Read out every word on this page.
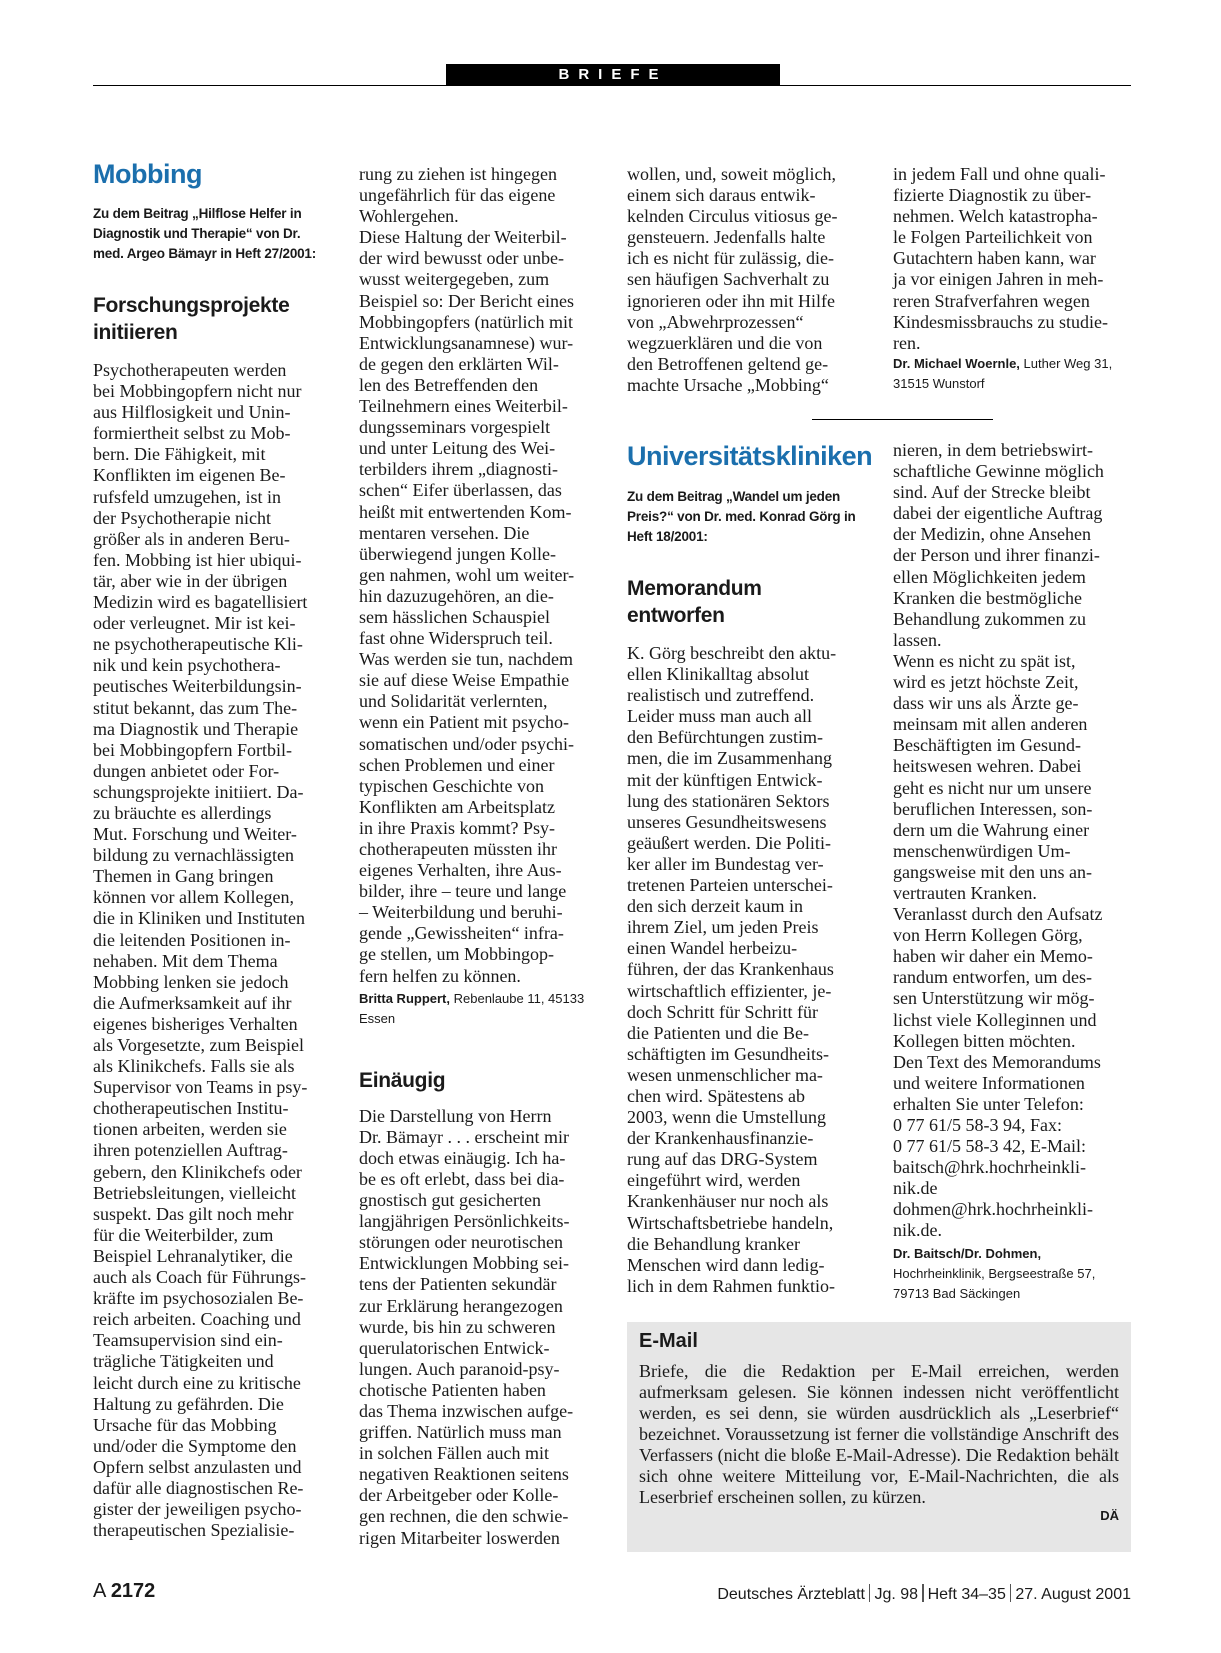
BRIEFE
Mobbing

Zu dem Beitrag „Hilflose Helfer in
Diagnostik und Therapie“ von Dr.
med. Argeo Bämayr in Heft 27/2001:

Forschungsprojekte
initiieren

Psychotherapeuten werden
bei Mobbingopfern nicht nur
aus Hilflosigkeit und Unin-
formiertheit selbst zu Mob-
bern. Die Fähigkeit, mit
Konflikten im eigenen Be-
rufsfeld umzugehen, ist in
der Psychotherapie nicht
größer als in anderen Beru-
fen. Mobbing ist hier ubiqui-
tär, aber wie in der übrigen
Medizin wird es bagatellisiert
oder verleugnet. Mir ist kei-
ne psychotherapeutische Kli-
nik und kein psychothera-
peutisches Weiterbildungsin-
stitut bekannt, das zum The-
ma Diagnostik und Therapie
bei Mobbingopfern Fortbil-
dungen anbietet oder For-
schungsprojekte initiiert. Da-
zu bräuchte es allerdings
Mut. Forschung und Weiter-
bildung zu vernachlässigten
Themen in Gang bringen
können vor allem Kollegen,
die in Kliniken und Instituten
die leitenden Positionen in-
nehaben. Mit dem Thema
Mobbing lenken sie jedoch
die Aufmerksamkeit auf ihr
eigenes bisheriges Verhalten
als Vorgesetzte, zum Beispiel
als Klinikchefs. Falls sie als
Supervisor von Teams in psy-
chotherapeutischen Institu-
tionen arbeiten, werden sie
ihren potenziellen Auftrag-
gebern, den Klinikchefs oder
Betriebsleitungen, vielleicht
suspekt. Das gilt noch mehr
für die Weiterbilder, zum
Beispiel Lehranalytiker, die
auch als Coach für Führungs-
kräfte im psychosozialen Be-
reich arbeiten. Coaching und
Teamsupervision sind ein-
trägliche Tätigkeiten und
leicht durch eine zu kritische
Haltung zu gefährden. Die
Ursache für das Mobbing
und/oder die Symptome den
Opfern selbst anzulasten und
dafür alle diagnostischen Re-
gister der jeweiligen psycho-
therapeutischen Spezialisie-

rung zu ziehen ist hingegen
ungefährlich für das eigene
Wohlergehen.
Diese Haltung der Weiterbil-
der wird bewusst oder unbe-
wusst weitergegeben, zum
Beispiel so: Der Bericht eines
Mobbingopfers (natürlich mit
Entwicklungsanamnese) wur-
de gegen den erklärten Wil-
len des Betreffenden den
Teilnehmern eines Weiterbil-
dungsseminars vorgespielt
und unter Leitung des Wei-
terbilders ihrem „diagnosti-
schen“ Eifer überlassen, das
heißt mit entwertenden Kom-
mentaren versehen. Die
überwiegend jungen Kolle-
gen nahmen, wohl um weiter-
hin dazuzugehören, an die-
sem hässlichen Schauspiel
fast ohne Widerspruch teil.
Was werden sie tun, nachdem
sie auf diese Weise Empathie
und Solidarität verlernten,
wenn ein Patient mit psycho-
somatischen und/oder psychi-
schen Problemen und einer
typischen Geschichte von
Konflikten am Arbeitsplatz
in ihre Praxis kommt? Psy-
chotherapeuten müssten ihr
eigenes Verhalten, ihre Aus-
bilder, ihre – teure und lange
– Weiterbildung und beruhi-
gende „Gewissheiten“ infra-
ge stellen, um Mobbingop-
fern helfen zu können.

Britta Ruppert, Rebenlaube 11, 45133
Essen

Einäugig

Die Darstellung von Herrn
Dr. Bämayr . . . erscheint mir
doch etwas einäugig. Ich ha-
be es oft erlebt, dass bei dia-
gnostisch gut gesicherten
langjährigen Persönlichkeits-
störungen oder neurotischen
Entwicklungen Mobbing sei-
tens der Patienten sekundär
zur Erklärung herangezogen
wurde, bis hin zu schweren
querulatorischen Entwick-
lungen. Auch paranoid-psy-
chotische Patienten haben
das Thema inzwischen aufge-
griffen. Natürlich muss man
in solchen Fällen auch mit
negativen Reaktionen seitens
der Arbeitgeber oder Kolle-
gen rechnen, die den schwie-
rigen Mitarbeiter loswerden

wollen, und, soweit möglich,
einem sich daraus entwik-
kelnden Circulus vitiosus ge-
gensteuern. Jedenfalls halte
ich es nicht für zulässig, die-
sen häufigen Sachverhalt zu
ignorieren oder ihn mit Hilfe
von „Abwehrprozessen“
wegzuerklären und die von
den Betroffenen geltend ge-
machte Ursache „Mobbing“

in jedem Fall und ohne quali-
fizierte Diagnostik zu über-
nehmen. Welch katastropha-
le Folgen Parteilichkeit von
Gutachtern haben kann, war
ja vor einigen Jahren in meh-
reren Strafverfahren wegen
Kindesmissbrauchs zu studie-
ren.

Dr. Michael Woernle, Luther Weg 31,
31515 Wunstorf

Universitätskliniken

Zu dem Beitrag „Wandel um jeden
Preis?“ von Dr. med. Konrad Görg in
Heft 18/2001:

Memorandum
entworfen

K. Görg beschreibt den aktu-
ellen Klinikalltag absolut
realistisch und zutreffend.
Leider muss man auch all
den Befürchtungen zustim-
men, die im Zusammenhang
mit der künftigen Entwick-
lung des stationären Sektors
unseres Gesundheitswesens
geäußert werden. Die Politi-
ker aller im Bundestag ver-
tretenen Parteien unterschei-
den sich derzeit kaum in
ihrem Ziel, um jeden Preis
einen Wandel herbeizu-
führen, der das Krankenhaus
wirtschaftlich effizienter, je-
doch Schritt für Schritt für
die Patienten und die Be-
schäftigten im Gesundheits-
wesen unmenschlicher ma-
chen wird. Spätestens ab
2003, wenn die Umstellung
der Krankenhausfinanzie-
rung auf das DRG-System
eingeführt wird, werden
Krankenhäuser nur noch als
Wirtschaftsbetriebe handeln,
die Behandlung kranker
Menschen wird dann ledig-
lich in dem Rahmen funktio-

nieren, in dem betriebswirt-
schaftliche Gewinne möglich
sind. Auf der Strecke bleibt
dabei der eigentliche Auftrag
der Medizin, ohne Ansehen
der Person und ihrer finanzi-
ellen Möglichkeiten jedem
Kranken die bestmögliche
Behandlung zukommen zu
lassen.
Wenn es nicht zu spät ist,
wird es jetzt höchste Zeit,
dass wir uns als Ärzte ge-
meinsam mit allen anderen
Beschäftigten im Gesund-
heitswesen wehren. Dabei
geht es nicht nur um unsere
beruflichen Interessen, son-
dern um die Wahrung einer
menschenwürdigen Um-
gangsweise mit den uns an-
vertrauten Kranken.
Veranlasst durch den Aufsatz
von Herrn Kollegen Görg,
haben wir daher ein Memo-
randum entworfen, um des-
sen Unterstützung wir mög-
lichst viele Kolleginnen und
Kollegen bitten möchten.
Den Text des Memorandums
und weitere Informationen
erhalten Sie unter Telefon:
0 77 61/5 58-3 94, Fax:
0 77 61/5 58-3 42, E-Mail:
baitsch@hrk.hochrheinkli-
nik.de
dohmen@hrk.hochrheinkli-
nik.de.

Dr. Baitsch/Dr. Dohmen,
Hochrheinklinik, Bergseestraße 57,
79713 Bad Säckingen

E-Mail

Briefe, die die Redaktion per E-Mail erreichen, werden aufmerksam gelesen. Sie können indessen nicht veröffentlicht werden, es sei denn, sie würden ausdrücklich als „Leserbrief“ bezeichnet. Voraussetzung ist ferner die vollständige Anschrift des Verfassers (nicht die bloße E-Mail-Adresse). Die Redaktion behält sich ohne weitere Mitteilung vor, E-Mail-Nachrichten, die als Leserbrief erscheinen sollen, zu kürzen.

DÄ
A 2172	Deutsches Ärzteblatt Jg. 98 Heft 34–35 27. August 2001
